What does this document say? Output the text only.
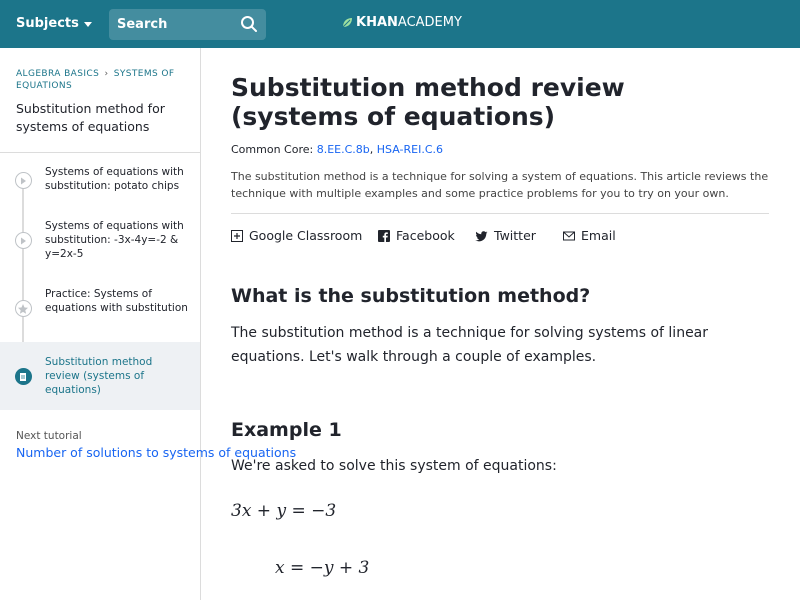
Subjects
Search	KHANACADEMY
ALGEBRA BASICS › SYSTEMS OF EQUATIONS
Substitution method for systems of equations
Systems of equations with substitution: potato chips
Systems of equations with substitution: -3x-4y=-2 & y=2x-5
Practice: Systems of equations with substitution
Substitution method review (systems of equations)
Next tutorial
Number of solutions to systems of equations
Substitution method review (systems of equations)
Common Core: 8.EE.C.8b, HSA-REI.C.6
The substitution method is a technique for solving a system of equations. This article reviews the technique with multiple examples and some practice problems for you to try on your own.
Google Classroom	Facebook	Twitter	Email
What is the substitution method?
The substitution method is a technique for solving systems of linear equations. Let's walk through a couple of examples.
Example 1
We're asked to solve this system of equations:
3x + y = −3
x = −y + 3
